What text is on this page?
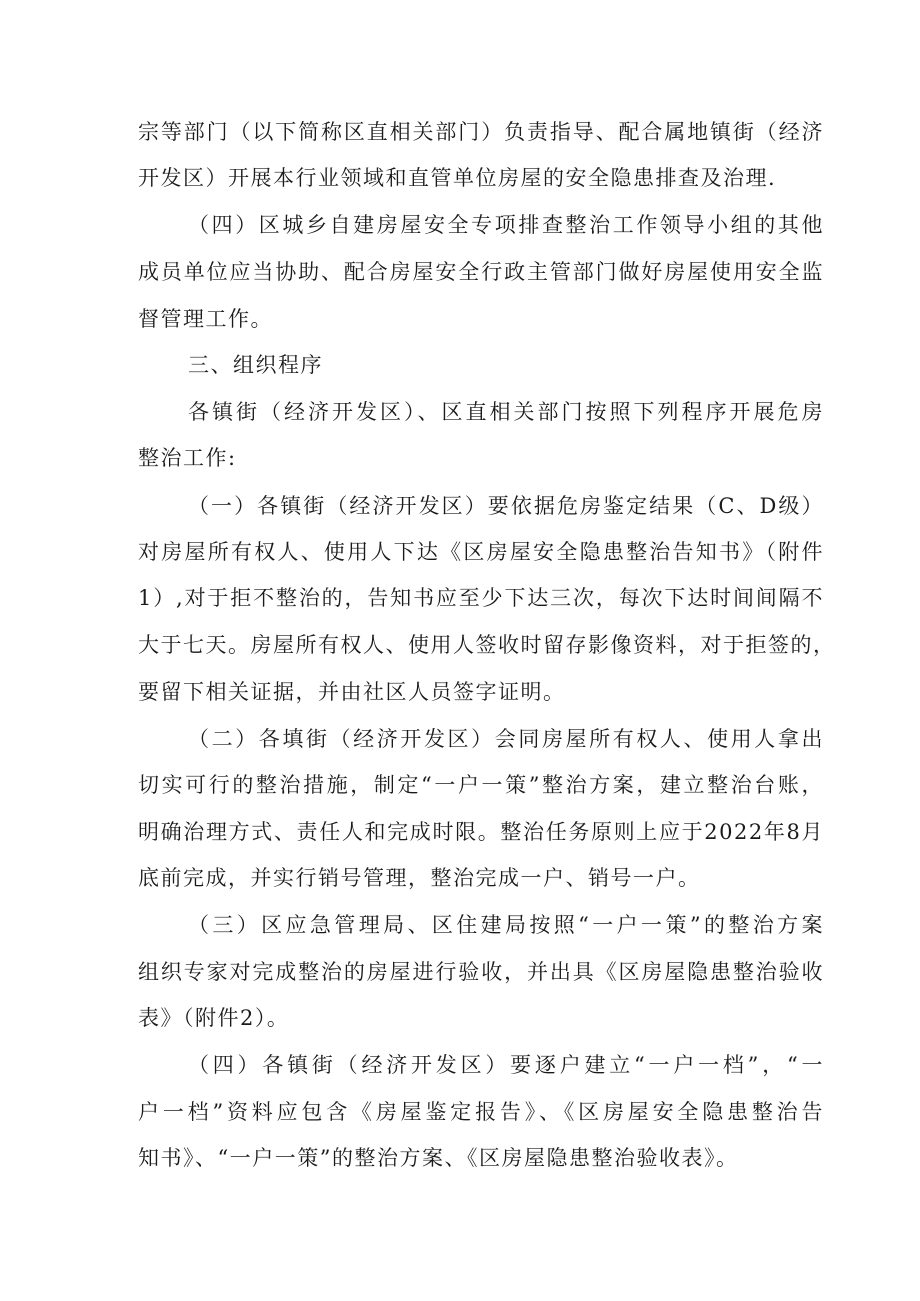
宗等部门（以下简称区直相关部门）负责指导、配合属地镇街（经济
开发区）开展本行业领域和直管单位房屋的安全隐患排查及治理.
（四）区城乡自建房屋安全专项排查整治工作领导小组的其他
成员单位应当协助、配合房屋安全行政主管部门做好房屋使用安全监
督管理工作。
三、组织程序
各镇街（经济开发区）、区直相关部门按照下列程序开展危房
整治工作:
（一）各镇街（经济开发区）要依据危房鉴定结果（C、D级）
对房屋所有权人、使用人下达《区房屋安全隐患整治告知书》（附件
1）,对于拒不整治的，告知书应至少下达三次，每次下达时间间隔不
大于七天。房屋所有权人、使用人签收时留存影像资料，对于拒签的，
要留下相关证据，并由社区人员签字证明。
（二）各填街（经济开发区）会同房屋所有权人、使用人拿出
切实可行的整治措施，制定“一户一策”整治方案，建立整治台账，
明确治理方式、责任人和完成时限。整治任务原则上应于2022年8月
底前完成，并实行销号管理，整治完成一户、销号一户。
（三）区应急管理局、区住建局按照“一户一策”的整治方案
组织专家对完成整治的房屋进行验收，并出具《区房屋隐患整治验收
表》（附件2）。
（四）各镇街（经济开发区）要逐户建立“一户一档”，“一
户一档”资料应包含《房屋鉴定报告》、《区房屋安全隐患整治告
知书》、“一户一策”的整治方案、《区房屋隐患整治验收表》。
